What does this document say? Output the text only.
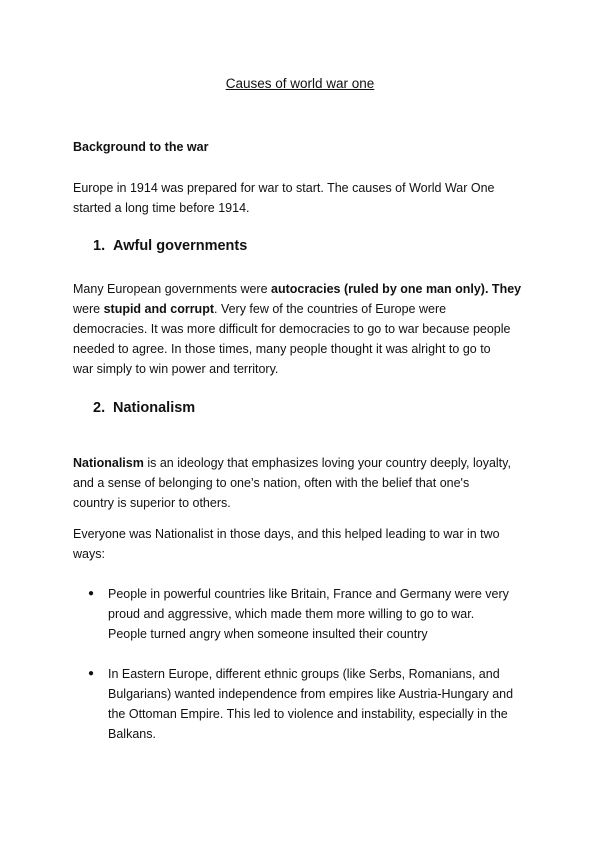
Causes of world war one
Background to the war
Europe in 1914 was prepared for war to start. The causes of World War One
started a long time before 1914.
1. Awful governments
Many European governments were autocracies (ruled by one man only). They
were stupid and corrupt. Very few of the countries of Europe were
democracies. It was more difficult for democracies to go to war because people
needed to agree. In those times, many people thought it was alright to go to
war simply to win power and territory.
2. Nationalism
Nationalism is an ideology that emphasizes loving your country deeply, loyalty,
and a sense of belonging to one’s nation, often with the belief that one's
country is superior to others.
Everyone was Nationalist in those days, and this helped leading to war in two
ways:
● People in powerful countries like Britain, France and Germany were very
proud and aggressive, which made them more willing to go to war.
People turned angry when someone insulted their country
● In Eastern Europe, different ethnic groups (like Serbs, Romanians, and
Bulgarians) wanted independence from empires like Austria-Hungary and
the Ottoman Empire. This led to violence and instability, especially in the
Balkans.
